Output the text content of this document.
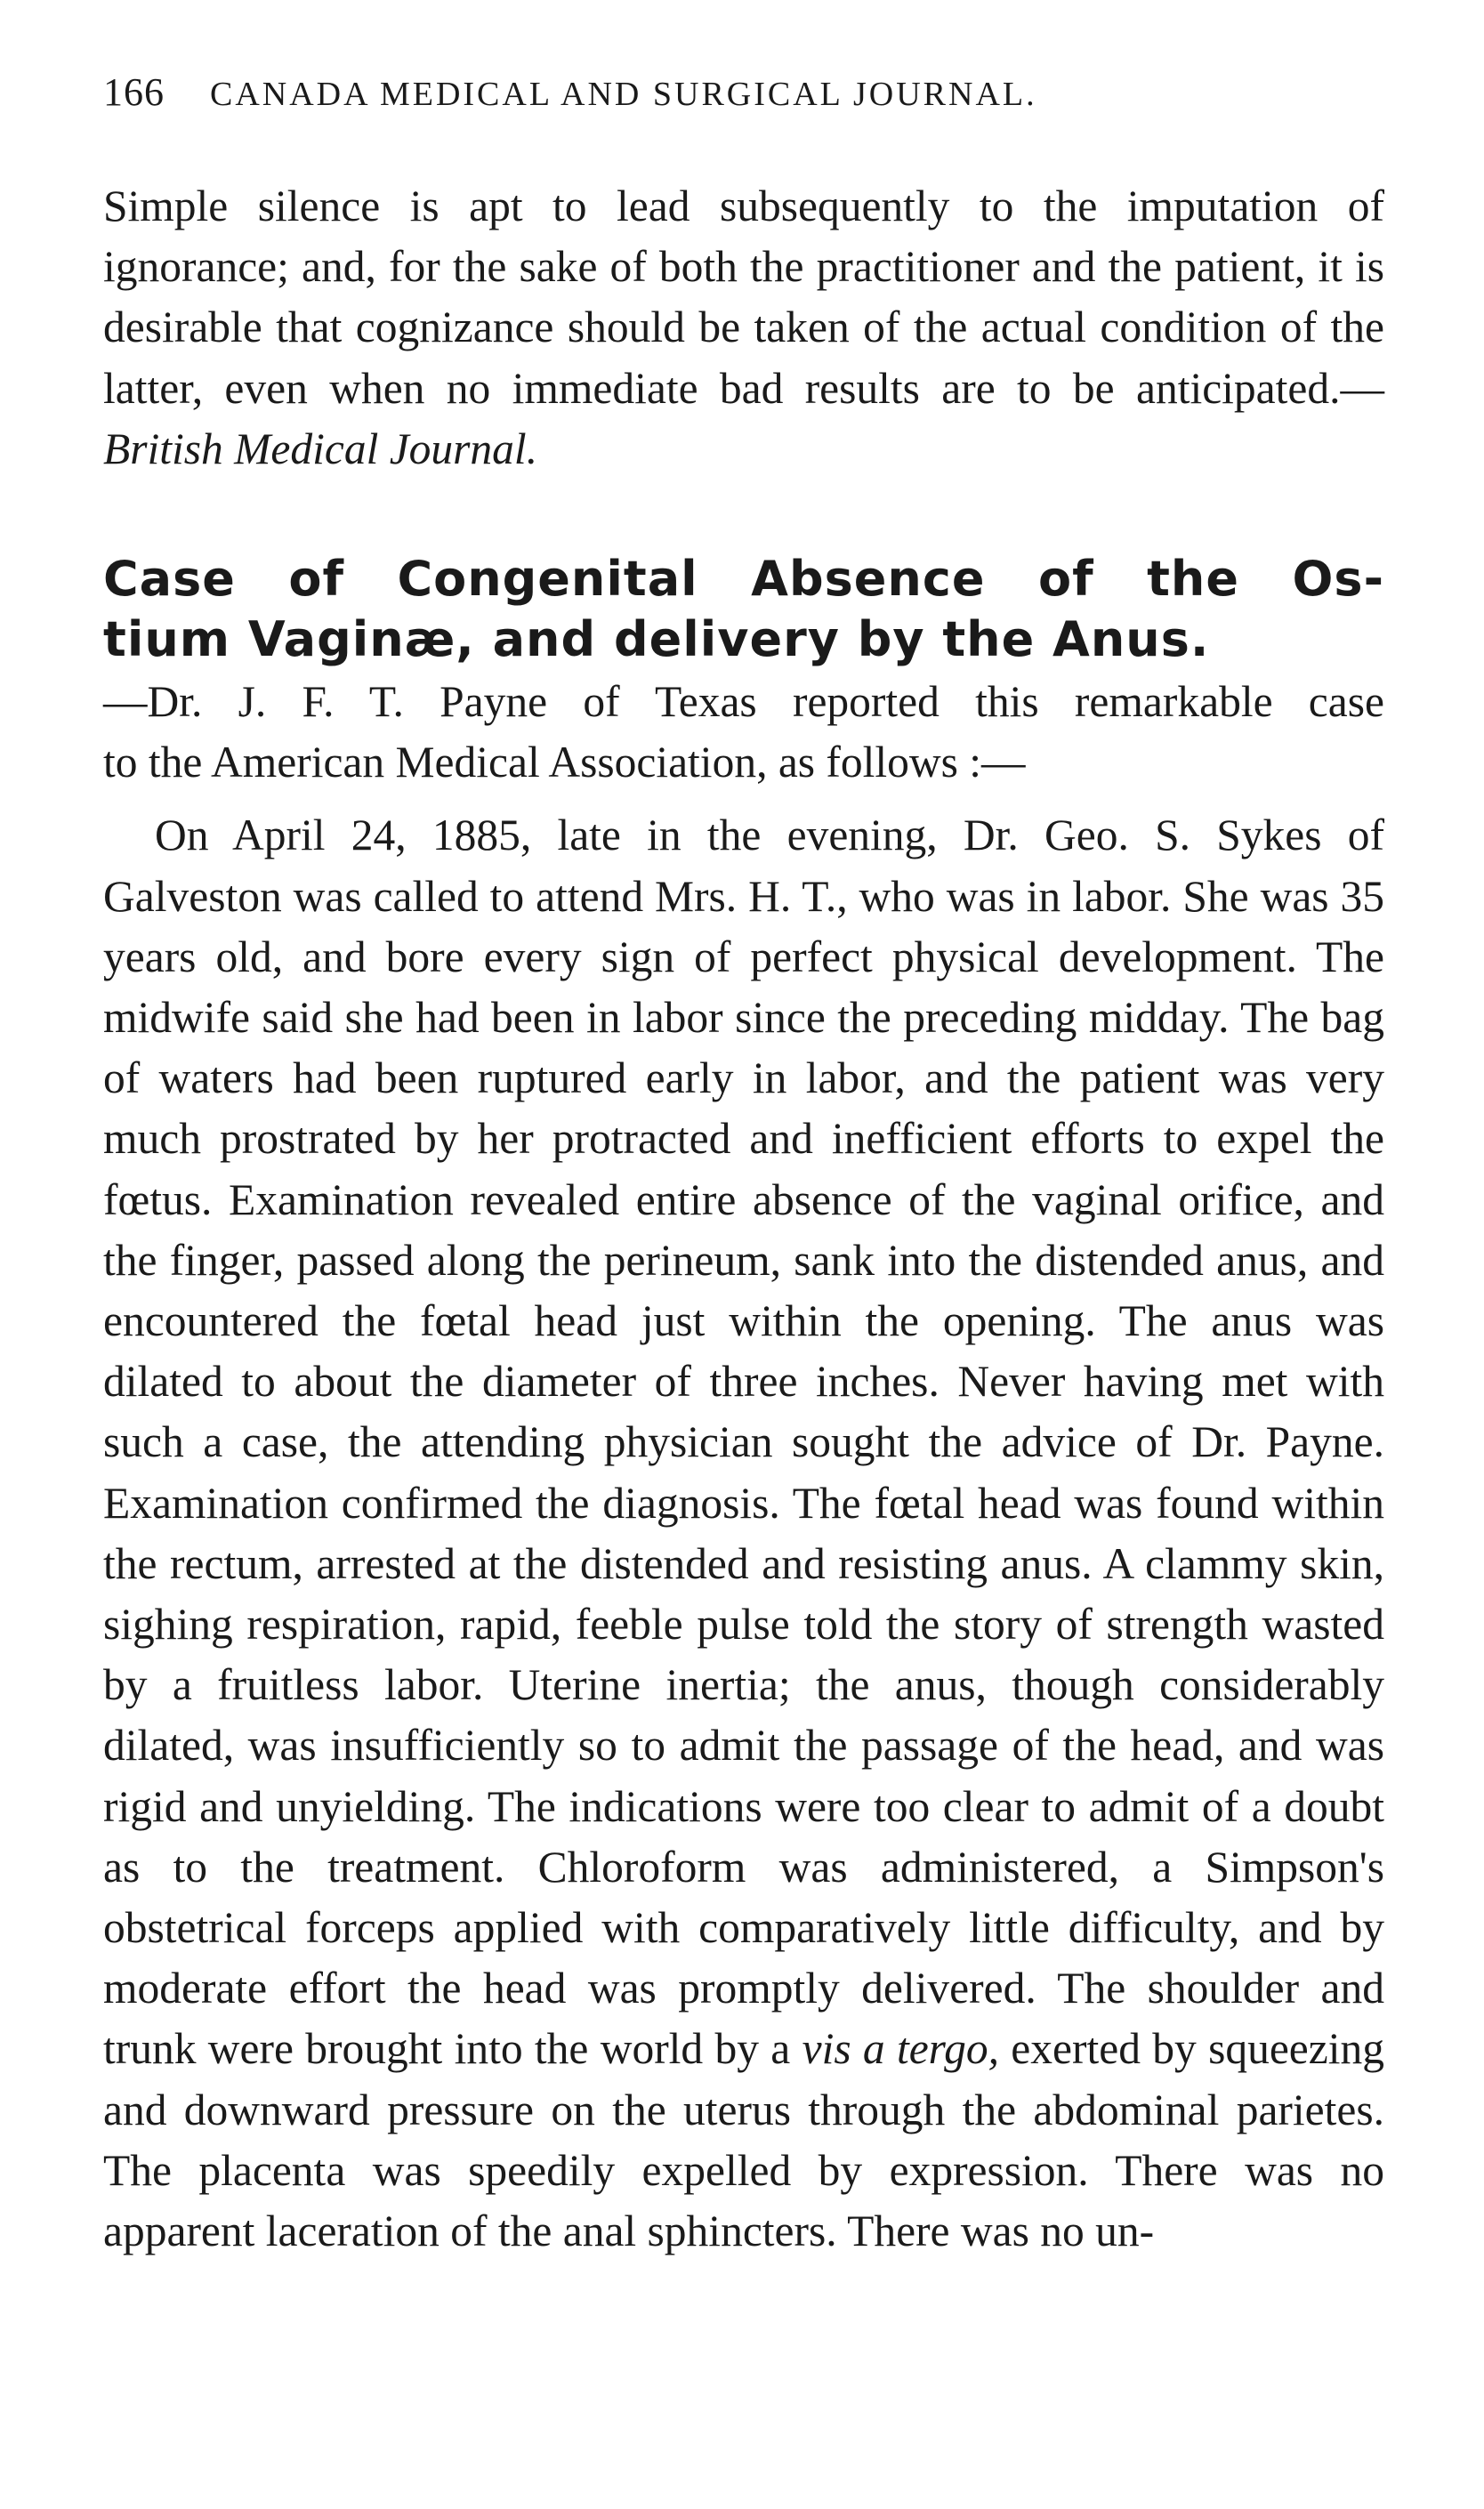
166	CANADA MEDICAL AND SURGICAL JOURNAL.

Simple silence is apt to lead subsequently to the imputation of ignorance; and, for the sake of both the practitioner and the patient, it is desirable that cognizance should be taken of the actual condition of the latter, even when no immediate bad results are to be anticipated.—British Medical Journal.

Case of Congenital Absence of the Os-
tium Vaginæ, and delivery by the Anus.

—Dr. J. F. T. Payne of Texas reported this remarkable case
to the American Medical Association, as follows :—

On April 24, 1885, late in the evening, Dr. Geo. S. Sykes of Galveston was called to attend Mrs. H. T., who was in labor. She was 35 years old, and bore every sign of perfect physical development. The midwife said she had been in labor since the preceding midday. The bag of waters had been ruptured early in labor, and the patient was very much prostrated by her protracted and inefficient efforts to expel the fœtus. Examination revealed entire absence of the vaginal orifice, and the finger, passed along the perineum, sank into the distended anus, and encountered the fœtal head just within the opening. The anus was dilated to about the diameter of three inches. Never having met with such a case, the attending physician sought the advice of Dr. Payne. Examination confirmed the diagnosis. The fœtal head was found within the rectum, arrested at the distended and resisting anus. A clammy skin, sighing respiration, rapid, feeble pulse told the story of strength wasted by a fruitless labor. Uterine inertia; the anus, though considerably dilated, was insufficiently so to admit the passage of the head, and was rigid and unyielding. The indications were too clear to admit of a doubt as to the treatment. Chloroform was administered, a Simpson's obstetrical forceps applied with comparatively little difficulty, and by moderate effort the head was promptly delivered. The shoulder and trunk were brought into the world by a vis a tergo, exerted by squeezing and downward pressure on the uterus through the abdominal parietes. The placenta was speedily expelled by expression. There was no apparent laceration of the anal sphincters. There was no un-
